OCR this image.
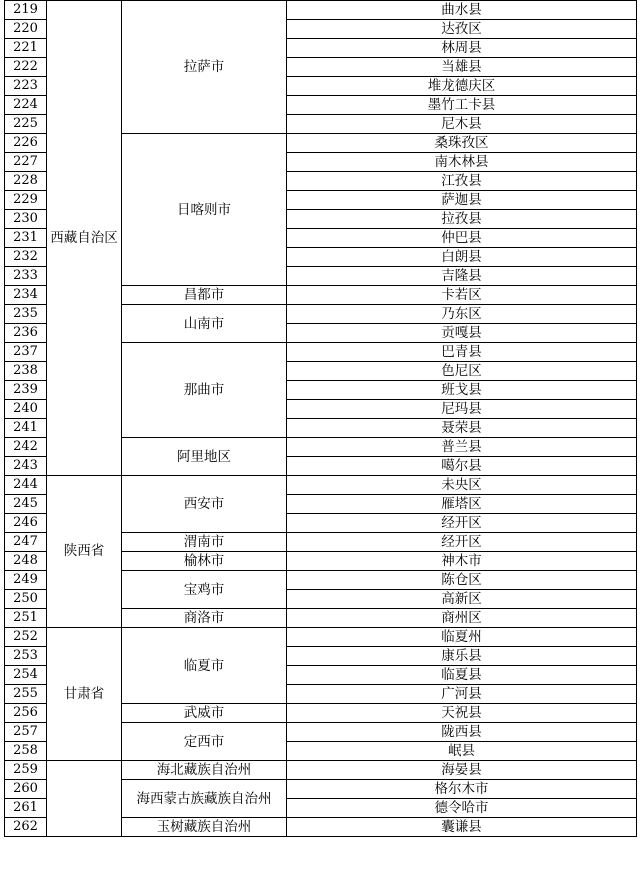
219	西藏自治区	拉萨市	曲水县
220			达孜区
221			林周县
222			当雄县
223			堆龙德庆区
224			墨竹工卡县
225			尼木县
226		日喀则市	桑珠孜区
227			南木林县
228			江孜县
229			萨迦县
230			拉孜县
231			仲巴县
232			白朗县
233			吉隆县
234		昌都市	卡若区
235		山南市	乃东区
236			贡嘎县
237		那曲市	巴青县
238			色尼区
239			班戈县
240			尼玛县
241			聂荣县
242		阿里地区	普兰县
243			噶尔县
244	陕西省	西安市	未央区
245			雁塔区
246			经开区
247		渭南市	经开区
248		榆林市	神木市
249		宝鸡市	陈仓区
250			高新区
251		商洛市	商州区
252	甘肃省	临夏市	临夏州
253			康乐县
254			临夏县
255			广河县
256		武威市	天祝县
257		定西市	陇西县
258			岷县
259		海北藏族自治州	海晏县
260		海西蒙古族藏族自治州	格尔木市
261			德令哈市
262		玉树藏族自治州	囊谦县
